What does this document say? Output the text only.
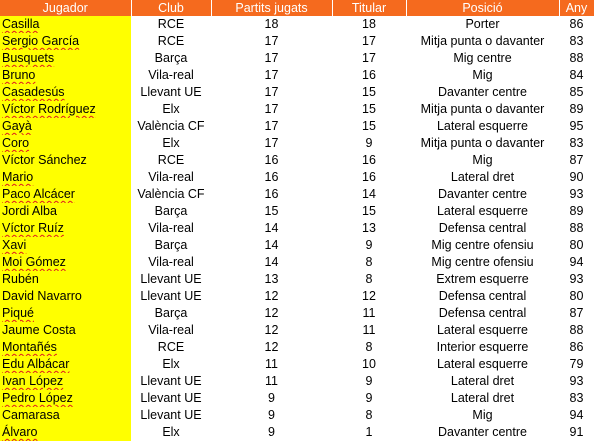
Jugador	Club	Partits jugats	Titular	Posició	Any
Casilla	RCE	18	18	Porter	86
Sergio García	RCE	17	17	Mitja punta o davanter	83
Busquets	Barça	17	17	Mig centre	88
Bruno	Vila-real	17	16	Mig	84
Casadesús	Llevant UE	17	15	Davanter centre	85
Víctor Rodríguez	Elx	17	15	Mitja punta o davanter	89
Gayà	València CF	17	15	Lateral esquerre	95
Coro	Elx	17	9	Mitja punta o davanter	83
Víctor Sánchez	RCE	16	16	Mig	87
Mario	Vila-real	16	16	Lateral dret	90
Paco Alcácer	València CF	16	14	Davanter centre	93
Jordi Alba	Barça	15	15	Lateral esquerre	89
Víctor Ruíz	Vila-real	14	13	Defensa central	88
Xavi	Barça	14	9	Mig centre ofensiu	80
Moi Gómez	Vila-real	14	8	Mig centre ofensiu	94
Rubén	Llevant UE	13	8	Extrem esquerre	93
David Navarro	Llevant UE	12	12	Defensa central	80
Piqué	Barça	12	11	Defensa central	87
Jaume Costa	Vila-real	12	11	Lateral esquerre	88
Montañés	RCE	12	8	Interior esquerre	86
Edu Albácar	Elx	11	10	Lateral esquerre	79
Ivan López	Llevant UE	11	9	Lateral dret	93
Pedro López	Llevant UE	9	9	Lateral dret	83
Camarasa	Llevant UE	9	8	Mig	94
Álvaro	Elx	9	1	Davanter centre	91
